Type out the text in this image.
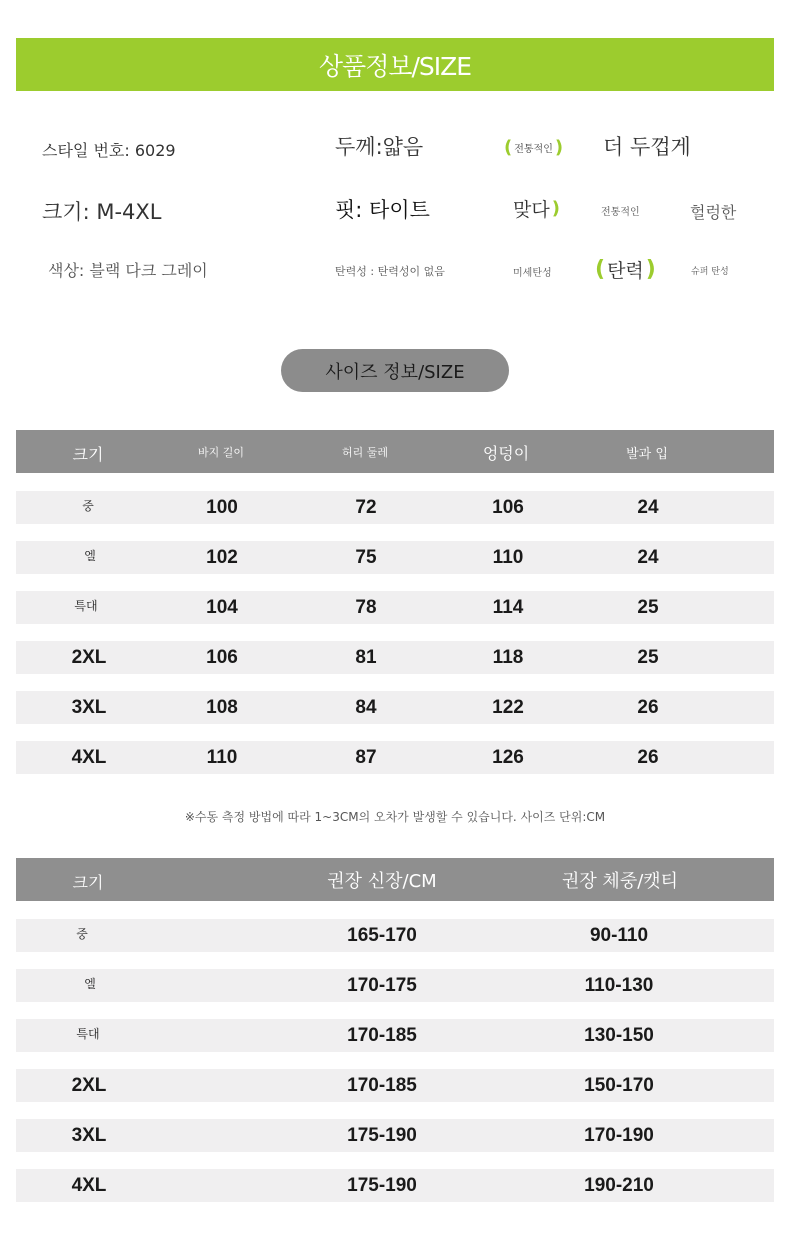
상품정보/SIZE
스타일 번호: 6029	두께:얇음	( 전통적인 ) 더 두껍게
크기: M-4XL	핏: 타이트	맞다 )	전통적인	헐렁한
색상: 블랙 다크 그레이	탄력성 : 탄력성이 없음	미세탄성 ( 탄력)	슈퍼 탄성
사이즈 정보/SIZE
크기	바지 길이	허리 둘레	엉덩이	발과 입
중	100	72	106	24
엘	102	75	110	24
특대	104	78	114	25
2XL	106	81	118	25
3XL	108	84	122	26
4XL	110	87	126	26
※수동 측정 방법에 따라 1~3CM의 오차가 발생할 수 있습니다. 사이즈 단위:CM
크기	권장 신장/CM	권장 체중/캣티
중	165-170	90-110
엘	170-175	110-130
특대	170-185	130-150
2XL	170-185	150-170
3XL	175-190	170-190
4XL	175-190	190-210
